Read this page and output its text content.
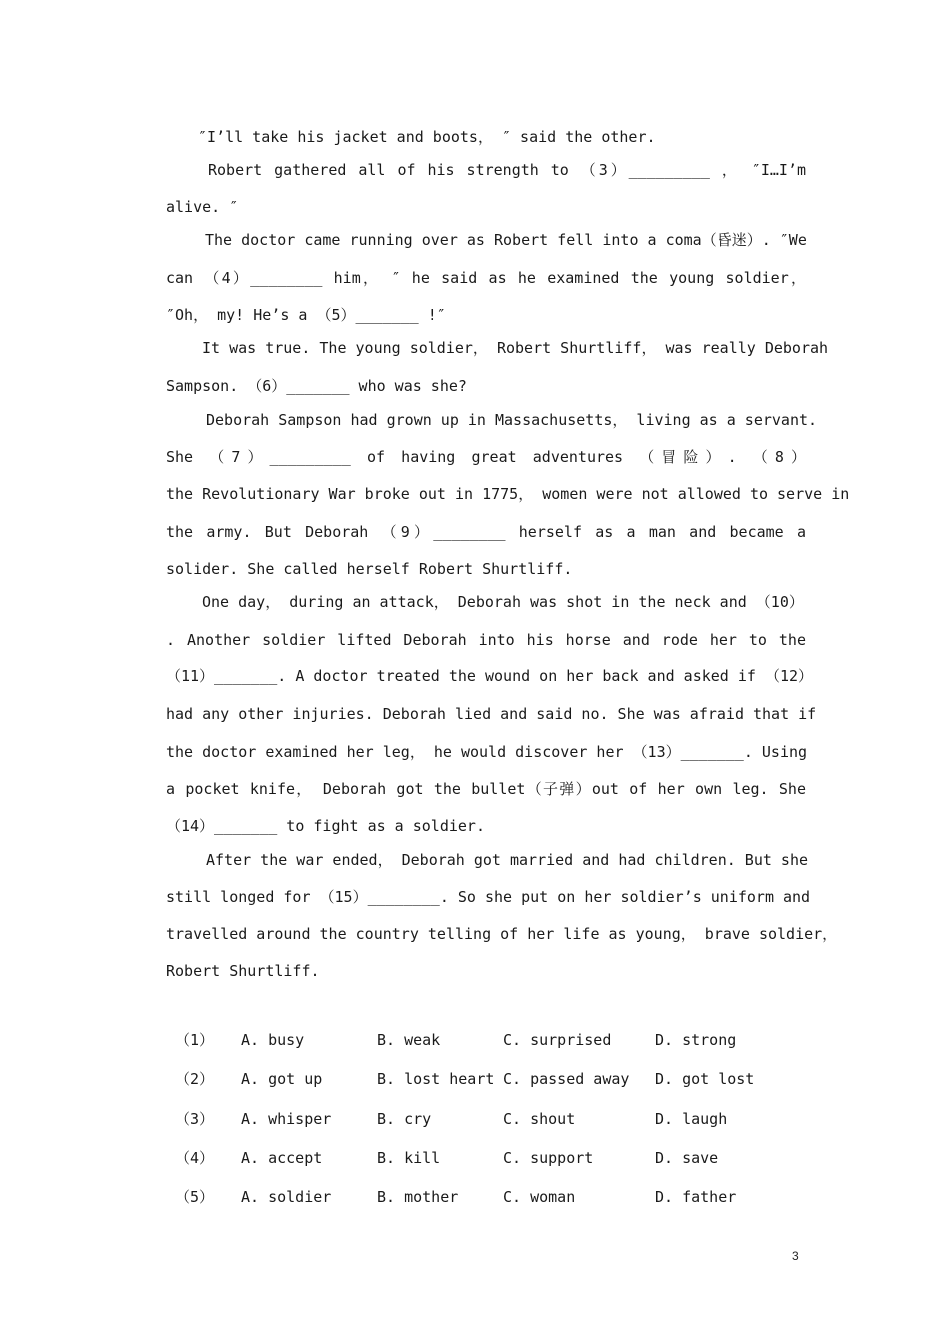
″I’ll take his jacket and boots， ″ said the other.
Robert gathered all of his strength to （3）_________ ， ″I…I’m
alive. ″
The doctor came running over as Robert fell into a coma（昏迷）. ″We
can （4）________ him， ″ he said as he examined the young soldier，
″Oh， my! He’s a （5）_______ !″
It was true. The young soldier， Robert Shurtliff， was really Deborah
Sampson. （6）_______ who was she?
Deborah Sampson had grown up in Massachusetts， living as a servant.
She （7）_________ of having great adventures （冒险）. （8）
the Revolutionary War broke out in 1775， women were not allowed to serve in
the army. But Deborah （9）________ herself as a man and became a
solider. She called herself Robert Shurtliff.
One day， during an attack， Deborah was shot in the neck and （10）
. Another soldier lifted Deborah into his horse and rode her to the
（11）_______. A doctor treated the wound on her back and asked if （12）
had any other injuries. Deborah lied and said no. She was afraid that if
the doctor examined her leg， he would discover her （13）_______. Using
a pocket knife， Deborah got the bullet（子弹）out of her own leg. She
（14）_______ to fight as a soldier.
After the war ended， Deborah got married and had children. But she
still longed for （15）________. So she put on her soldier’s uniform and
travelled around the country telling of her life as young， brave soldier，
Robert Shurtliff.
（1） A. busy	B. weak	C. surprised	D. strong
（2） A. got up	B. lost heart C. passed away D. got lost
（3） A. whisper	B. cry	C. shout	D. laugh
（4） A. accept	B. kill	C. support	D. save
（5） A. soldier	B. mother	C. woman	D. father
3
